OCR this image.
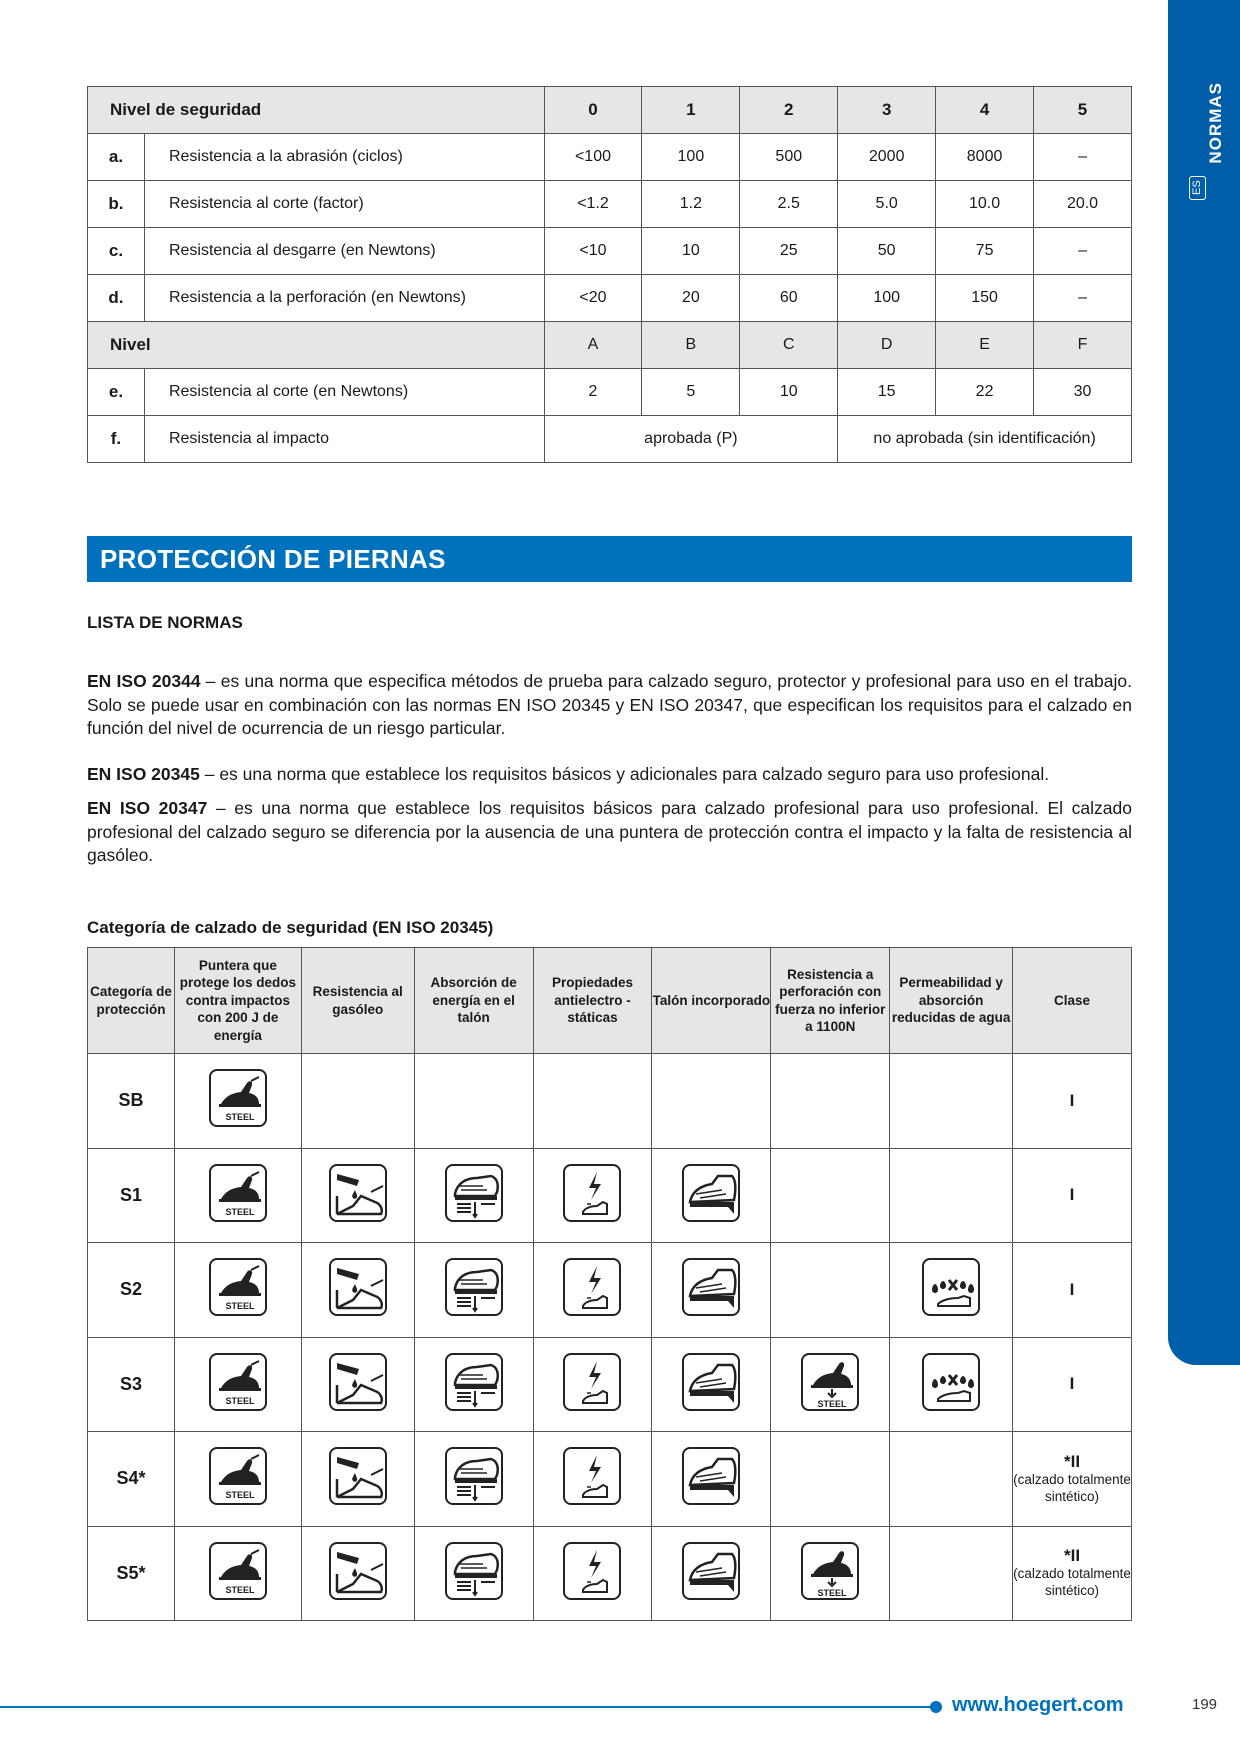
NORMAS
ES
Nivel de seguridad		0	1	2	3	4	5
a.	Resistencia a la abrasión (ciclos)	<100	100	500	2000	8000	–
b.	Resistencia al corte (factor)	<1.2	1.2	2.5	5.0	10.0	20.0
c.	Resistencia al desgarre (en Newtons)	<10	10	25	50	75	–
d.	Resistencia a la perforación (en Newtons)	<20	20	60	100	150	–
Nivel		A	B	C	D	E	F
e.	Resistencia al corte (en Newtons)	2	5	10	15	22	30
f.	Resistencia al impacto	aprobada (P)			no aprobada (sin identificación)		
PROTECCIÓN DE PIERNAS
LISTA DE NORMAS

EN ISO 20344 – es una norma que especifica métodos de prueba para calzado seguro, protector y profesional para uso en el trabajo. Solo se puede usar en combinación con las normas EN ISO 20345 y EN ISO 20347, que especifican los requisitos para el calzado en función del nivel de ocurrencia de un riesgo particular.

EN ISO 20345 – es una norma que establece los requisitos básicos y adicionales para calzado seguro para uso profesional.

EN ISO 20347 – es una norma que establece los requisitos básicos para calzado profesional para uso profesional. El calzado profesional del calzado seguro se diferencia por la ausencia de una puntera de protección contra el impacto y la falta de resistencia al gasóleo.

Categoría de calzado de seguridad (EN ISO 20345)
Categoría de protección	Puntera que protege los dedos contra impactos con 200 J de energía	Resistencia al gasóleo	Absorción de energía en el talón	Propiedades antielectro -státicas	Talón incorporado	Resistencia a perforación con fuerza no inferior a 1100N	Permeabilidad y absorción reducidas de agua	Clase
SB	STEEL							I

S1	STEEL							I

S2	STEEL							I

S3	STEEL					STEEL		I

S4*	STEEL							*II
(calzado totalmente sintético)

S5*	STEEL					STEEL		*II
(calzado totalmente sintético)
www.hoegert.com	199
